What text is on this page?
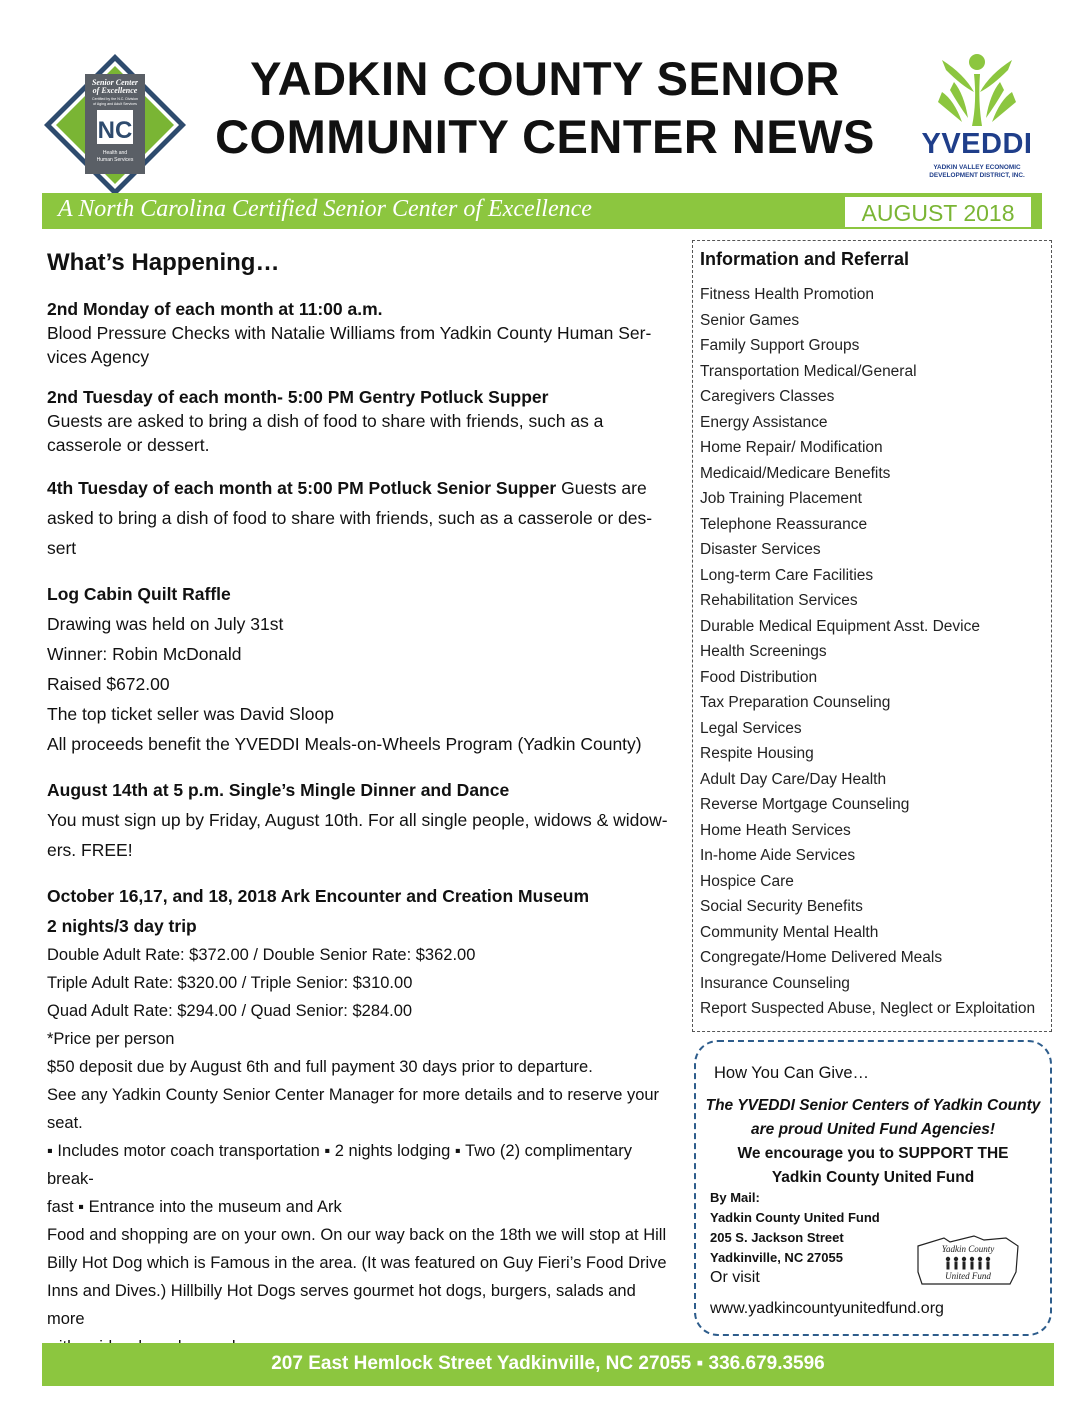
Senior Center
of Excellence
Certified by the N.C. Division
of Aging and Adult Services
NC
Health and
Human Services
YADKIN COUNTY SENIOR
COMMUNITY CENTER NEWS	YVEDDI
YADKIN VALLEY ECONOMIC DEVELOPMENT DISTRICT, INC.
A North Carolina Certified Senior Center of Excellence	AUGUST 2018
What’s Happening…
2nd Monday of each month at 11:00 a.m.
Blood Pressure Checks with Natalie Williams from Yadkin County Human Ser-
vices Agency
2nd Tuesday of each month- 5:00 PM Gentry Potluck Supper
Guests are asked to bring a dish of food to share with friends, such as a
casserole or dessert.
4th Tuesday of each month at 5:00 PM Potluck Senior Supper Guests are
asked to bring a dish of food to share with friends, such as a casserole or des-
sert
Log Cabin Quilt Raffle
Drawing was held on July 31st
Winner: Robin McDonald
Raised $672.00
The top ticket seller was David Sloop
All proceeds benefit the YVEDDI Meals-on-Wheels Program (Yadkin County)
August 14th at 5 p.m. Single’s Mingle Dinner and Dance
You must sign up by Friday, August 10th. For all single people, widows & widow-
ers. FREE!
October 16,17, and 18, 2018 Ark Encounter and Creation Museum
2 nights/3 day trip
Double Adult Rate: $372.00 / Double Senior Rate: $362.00
Triple Adult Rate: $320.00 / Triple Senior: $310.00
Quad Adult Rate: $294.00 / Quad Senior: $284.00
*Price per person
$50 deposit due by August 6th and full payment 30 days prior to departure.
See any Yadkin County Senior Center Manager for more details and to reserve your
seat.
▪ Includes motor coach transportation ▪ 2 nights lodging ▪ Two (2) complimentary break-
fast ▪ Entrance into the museum and Ark
Food and shopping are on your own. On our way back on the 18th we will stop at Hill
Billy Hot Dog which is Famous in the area. (It was featured on Guy Fieri’s Food Drive
Inns and Dives.) Hillbilly Hot Dogs serves gourmet hot dogs, burgers, salads and more
Information and Referral
Fitness Health Promotion
Senior Games
Family Support Groups
Transportation Medical/General
Caregivers Classes
Energy Assistance
Home Repair/ Modification
Medicaid/Medicare Benefits
Job Training Placement
Telephone Reassurance
Disaster Services
Long-term Care Facilities
Rehabilitation Services
Durable Medical Equipment Asst. Device
Health Screenings
Food Distribution
Tax Preparation Counseling
Legal Services
Respite Housing
Adult Day Care/Day Health
Reverse Mortgage Counseling
Home Heath Services
In-home Aide Services
Hospice Care
Social Security Benefits
Community Mental Health
Congregate/Home Delivered Meals
Insurance Counseling
Report Suspected Abuse, Neglect or Exploitation
How You Can Give…
The YVEDDI Senior Centers of Yadkin County
are proud United Fund Agencies!
We encourage you to SUPPORT THE
Yadkin County United Fund
By Mail:
Yadkin County United Fund
205 S. Jackson Street
Yadkinville, NC 27055
Or visit
www.yadkincountyunitedfund.org
Yadkin County
United Fund
207 East Hemlock Street Yadkinville, NC 27055 ▪ 336.679.3596
